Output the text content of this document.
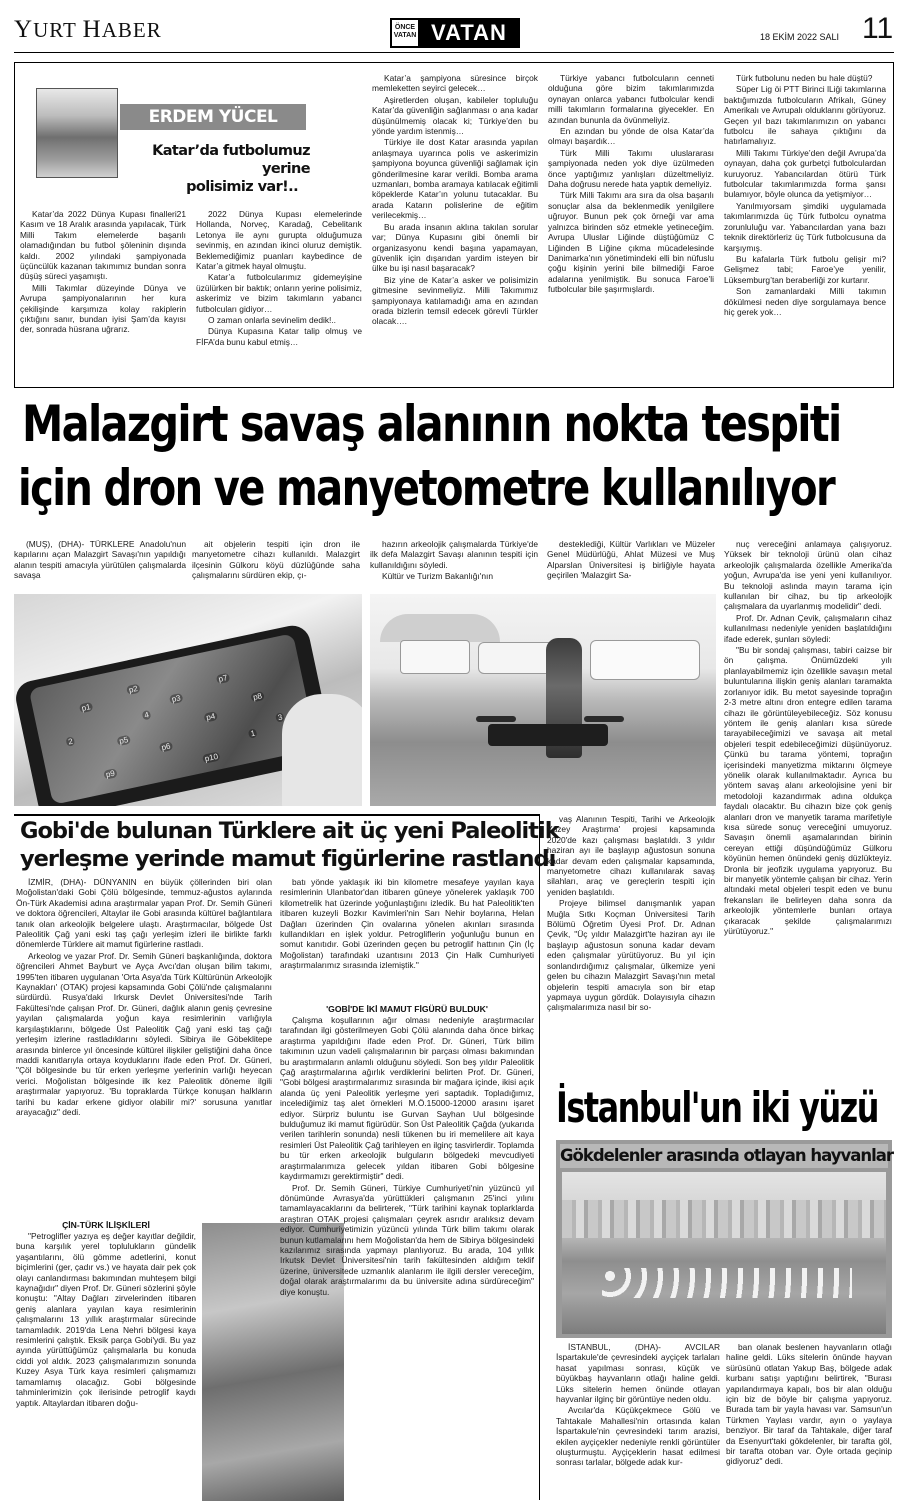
YURT HABER	ÖNCE VATAN VATAN	18 EKİM 2022 SALI 11
ERDEM YÜCEL
Katar’da futbolumuz yerine
polisimiz var!..

Katar’da 2022 Dünya Kupası finalleri21 Kasım ve 18 Aralık arasında yapılacak, Türk Milli Takım elemelerde başarılı olamadığından bu futbol şöleninin dışında kaldı. 2002 yılındaki şampiyonada üçüncülük kazanan takımımız bundan sonra düşüş süreci yaşamıştı.

Milli Takımlar düzeyinde Dünya ve Avrupa şampiyonalarının her kura çekilişinde karşımıza kolay rakiplerin çıktığını sanır, bundan iyisi Şam’da kayısı der, sonrada hüsrana uğrarız.

2022 Dünya Kupası elemelerinde Hollanda, Norveç, Karadağ, Cebelitarık Letonya ile aynı gurupta olduğumuza sevinmiş, en azından ikinci oluruz demiştik. Beklemediğimiz puanları kaybedince de Katar’a gitmek hayal olmuştu.

Katar’a futbolcularımız gidemeyişine üzülürken bir baktık; onların yerine polisimiz, askerimiz ve bizim takımların yabancı futbolcuları gidiyor…

O zaman onlarla sevinelim dedik!..

Dünya Kupasına Katar talip olmuş ve FİFA’da bunu kabul etmiş…

Katar’a şampiyona süresince birçok memleketten seyirci gelecek…

Aşiretlerden oluşan, kabileler topluluğu Katar’da güvenliğin sağlanması o ana kadar düşünülmemiş olacak ki; Türkiye’den bu yönde yardım istenmiş…

Türkiye ile dost Katar arasında yapılan anlaşmaya uyarınca polis ve askerimizin şampiyona boyunca güvenliği sağlamak için gönderilmesine karar verildi. Bomba arama uzmanları, bomba aramaya katılacak eğitimli köpeklerde Katar’ın yolunu tutacaklar. Bu arada Katarın polislerine de eğitim verilecekmiş…

Bu arada insanın aklına takılan sorular var; Dünya Kupasını gibi önemli bir organizasyonu kendi başına yapamayan, güvenlik için dışarıdan yardim isteyen bir ülke bu işi nasıl başaracak?

Biz yine de Katar’a asker ve polisimizin gitmesine sevinmeliyiz. Milli Takımımız şampiyonaya katılamadığı ama en azından orada bizlerin temsil edecek görevli Türkler olacak….

Türkiye yabancı futbolcuların cenneti olduğuna göre bizim takımlarımızda oynayan onlarca yabancı futbolcular kendi milli takımların formalarına giyecekler. En azından bununla da övünmeliyiz.

En azından bu yönde de olsa Katar’da olmayı başardık…

Türk Milli Takımı uluslararası şampiyonada neden yok diye üzülmeden önce yaptığımız yanlışları düzeltmeliyiz. Daha doğrusu nerede hata yaptık demeliyiz.

Türk Milli Takımı ara sıra da olsa başarılı sonuçlar alsa da beklenmedik yenilgilere uğruyor. Bunun pek çok örneği var ama yalnızca birinden söz etmekle yetineceğim. Avrupa Uluslar Liğinde düştüğümüz C Liğinden B Liğine çıkma mücadelesinde Danimarka’nın yönetimindeki elli bin nüfuslu çoğu kişinin yerini bile bilmediği Faroe adalarına yenilmiştik. Bu sonuca Faroe’li futbolcular bile şaşırmışlardı.

Türk futbolunu neden bu hale düştü?

Süper Lig öi PTT Birinci lLiği takımlarına baktığımızda futbolcuların Afrikalı, Güney Amerikalı ve Avrupalı olduklarını görüyoruz. Geçen yıl bazı takımlarımızın on yabancı futbolcu ile sahaya çıktığını da hatırlamalıyız.

Milli Takımı Türkiye’den değil Avrupa’da oynayan, daha çok gurbetçi futbolculardan kuruyoruz. Yabancılardan ötürü Türk futbolcular takımlarımızda forma şansı bulamıyor, böyle olunca da yetişmiyor…

Yanılmıyorsam şimdiki uygulamada takımlarımızda üç Türk futbolcu oynatma zorunluluğu var. Yabancılardan yana bazı teknik direktörleriz üç Türk futbolcusuna da karşıymış.

Bu kafalarla Türk futbolu gelişir mi? Gelişmez tabi; Faroe’ye yenilir, Lüksemburg’tan beraberliği zor kurtarır.

Son zamanlardaki Milli takımın dökülmesi neden diye sorgulamaya bence hiç gerek yok…

Malazgirt savaş alanının nokta tespiti
için dron ve manyetometre kullanılıyor

(MUŞ), (DHA)- TÜRKLERE Anadolu'nun kapılarını açan Malazgirt Savaşı'nın yapıldığı alanın tespiti amacıyla yürütülen çalışmalarda savaşa

ait objelerin tespiti için dron ile manyetometre cihazı kullanıldı. Malazgirt ilçesinin Gülkoru köyü düzlüğünde saha çalışmalarını sürdüren ekip, çı-

hazırın arkeolojik çalışmalarda Türkiye'de ilk defa Malazgirt Savaşı alanının tespiti için kullanıldığını söyledi.

Kültür ve Turizm Bakanlığı'nın

desteklediği, Kültür Varlıkları ve Müzeler Genel Müdürlüğü, Ahlat Müzesi ve Muş Alparslan Üniversitesi iş birliğiyle hayata geçirilen 'Malazgirt Sa-

nuç vereceğini anlamaya çalışıyoruz. Yüksek bir teknoloji ürünü olan cihaz arkeolojik çalışmalarda özellikle Amerika'da yoğun, Avrupa'da ise yeni yeni kullanılıyor. Bu teknoloji aslında mayın tarama için kullanılan bir cihaz, bu tip arkeolojik çalışmalara da uyarlanmış modelidir" dedi.

Prof. Dr. Adnan Çevik, çalışmaların cihaz kullanılması nedeniyle yeniden başlatıldığını ifade ederek, şunları söyledi:

"Bu bir sondaj çalışması, tabiri caizse bir ön çalışma. Önümüzdeki yılı planlayabilmemiz için özellikle savaşın metal buluntularına ilişkin geniş alanları taramakta zorlanıyor idik. Bu metot sayesinde toprağın 2-3 metre altını dron entegre edilen tarama cihazı ile görüntüleyebileceğiz. Söz konusu yöntem ile geniş alanları kısa sürede tarayabileceğimizi ve savaşa ait metal objeleri tespit edebileceğimizi düşünüyoruz. Çünkü bu tarama yöntemi, toprağın içerisindeki manyetizma miktarını ölçmeye yönelik olarak kullanılmaktadır. Ayrıca bu yöntem savaş alanı arkeolojisine yeni bir metodoloji kazandırmak adına oldukça faydalı olacaktır. Bu cihazın bize çok geniş alanları dron ve manyetik tarama marifetiyle kısa sürede sonuç vereceğini umuyoruz. Savaşın önemli aşamalarından birinin cereyan ettiği düşündüğümüz Gülkoru köyünün hemen önündeki geniş düzlükteyiz. Dronla bir jeofizik uygulama yapıyoruz. Bu bir manyetik yöntemle çalışan bir cihaz. Yerin altındaki metal objeleri tespit eden ve bunu frekansları ile belirleyen daha sonra da arkeolojik yöntemlerle bunları ortaya çıkaracak şekilde çalışmalarımızı yürütüyoruz."

p1
p2
p3
p4
p5
p6
p7
p8
p9
p10
1
2
3
4
Gobi'de bulunan Türklere ait üç yeni Paleolitik
yerleşme yerinde mamut figürlerine rastlandı

İZMİR, (DHA)- DÜNYANIN en büyük çöllerinden biri olan Moğolistan'daki Gobi Çölü bölgesinde, temmuz-ağustos aylarında Ön-Türk Akademisi adına araştırmalar yapan Prof. Dr. Semih Güneri ve doktora öğrencileri, Altaylar ile Gobi arasında kültürel bağlantılara tanık olan arkeolojik belgelere ulaştı. Araştırmacılar, bölgede Üst Paleolitik Çağ yani eski taş çağı yerleşim izleri ile birlikte farklı dönemlerde Türklere ait mamut figürlerine rastladı.

Arkeolog ve yazar Prof. Dr. Semih Güneri başkanlığında, doktora öğrencileri Ahmet Bayburt ve Ayça Avcı'dan oluşan bilim takımı, 1995'ten itibaren uygulanan 'Orta Asya'da Türk Kültürünün Arkeolojik Kaynakları' (OTAK) projesi kapsamında Gobi Çölü'nde çalışmalarını sürdürdü. Rusya'daki Irkursk Devlet Üniversitesi'nde Tarih Fakültesi'nde çalışan Prof. Dr. Güneri, dağlık alanın geniş çevresine yayılan çalışmalarda yoğun kaya resimlerinin varlığıyla karşılaştıklarını, bölgede Üst Paleolitik Çağ yani eski taş çağı yerleşim izlerine rastladıklarını söyledi. Sibirya ile Göbeklitepe arasında binlerce yıl öncesinde kültürel ilişkiler geliştiğini daha önce maddi kanıtlarıyla ortaya koyduklarını ifade eden Prof. Dr. Güneri, "Çöl bölgesinde bu tür erken yerleşme yerlerinin varlığı heyecan verici. Moğolistan bölgesinde ilk kez Paleolitik döneme ilgili araştırmalar yapıyoruz. 'Bu topraklarda Türkçe konuşan halkların tarihi bu kadar erkene gidiyor olabilir mi?' sorusuna yanıtlar arayacağız" dedi.

ÇİN-TÜRK İLİŞKİLERİ

"Petroglifler yazıya eş değer kayıtlar değildir, buna karşılık yerel toplulukların gündelik yaşantılarını, ölü gömme adetlerini, konut biçimlerini (ger, çadır vs.) ve hayata dair pek çok olayı canlandırması bakımından muhteşem bilgi kaynağıdır" diyen Prof. Dr. Güneri sözlerini şöyle konuştu: "Altay Dağları zirvelerinden itibaren geniş alanlara yayılan kaya resimlerinin çalışmalarını 13 yıllık araştırmalar sürecinde tamamladık. 2019'da Lena Nehri bölgesi kaya resimlerini çalıştık. Eksik parça Gobi'ydi. Bu yaz ayında yürüttüğümüz çalışmalarla bu konuda ciddi yol aldık. 2023 çalışmalarımızın sonunda Kuzey Asya Türk kaya resimleri çalışmamızı tamamlamış olacağız. Gobi bölgesinde tahminlerimizin çok ilerisinde petroglif kaydı yaptık. Altaylardan itibaren doğu-

batı yönde yaklaşık iki bin kilometre mesafeye yayılan kaya resimlerinin Ulanbator'dan itibaren güneye yönelerek yaklaşık 700 kilometrelik hat üzerinde yoğunlaştığını izledik. Bu hat Paleolitik'ten itibaren kuzeyli Bozkır Kavimleri'nin Sarı Nehir boylarına, Helan Dağları üzerinden Çin ovalarına yönelen akınları sırasında kullandıkları en işlek yoldur. Petrogliflerin yoğunluğu bunun en somut kanıtıdır. Gobi üzerinden geçen bu petroglif hattının Çin (İç Moğolistan) tarafındaki uzantısını 2013 Çin Halk Cumhuriyeti araştırmalarımız sırasında izlemiştik."

'GOBİ'DE İKİ MAMUT FİGÜRÜ BULDUK'

Çalışma koşullarının ağır olması nedeniyle araştırmacılar tarafından ilgi gösterilmeyen Gobi Çölü alanında daha önce birkaç araştırma yapıldığını ifade eden Prof. Dr. Güneri, Türk bilim takımının uzun vadeli çalışmalarının bir parçası olması bakımından bu araştırmaların anlamlı olduğunu söyledi. Son beş yıldır Paleolitik Çağ araştırmalarına ağırlık verdiklerini belirten Prof. Dr. Güneri, "Gobi bölgesi araştırmalarımız sırasında bir mağara içinde, ikisi açık alanda üç yeni Paleolitik yerleşme yeri saptadık. Topladığımız, incelediğimiz taş alet örnekleri M.Ö.15000-12000 arasını işaret ediyor. Sürpriz buluntu ise Gurvan Sayhan Uul bölgesinde bulduğumuz iki mamut figürüdür. Son Üst Paleolitik Çağda (yukarıda verilen tarihlerin sonunda) nesli tükenen bu iri memelilere ait kaya resimleri Üst Paleolitik Çağ tarihleyen en ilginç tasvirlerdir. Toplamda bu tür erken arkeolojik bulguların bölgedeki mevcudiyeti araştırmalarımıza gelecek yıldan itibaren Gobi bölgesine kaydırmamızı gerektirmiştir" dedi.

Prof. Dr. Semih Güneri, Türkiye Cumhuriyeti'nin yüzüncü yıl dönümünde Avrasya'da yürüttükleri çalışmanın 25'inci yılını tamamlayacaklarını da belirterek, "Türk tarihini kaynak toplarklarda araştıran OTAK projesi çalışmaları çeyrek asrıdır aralıksız devam ediyor. Cumhuriyetimizin yüzüncü yılında Türk bilim takımı olarak bunun kutlamalarını hem Moğolistan'da hem de Sibirya bölgesindeki kazılarımız sırasında yapmayı planlıyoruz. Bu arada, 104 yıllık Irkutsk Devlet Üniversitesi'nin tarih fakültesinden aldığım teklif üzerine, üniversitede uzmanlık alanlarım ile ilgili dersler vereceğim, doğal olarak araştırmalarımı da bu üniversite adına sürdüreceğim" diye konuştu.

vaş Alanının Tespiti, Tarihi ve Arkeolojik Yüzey Araştırma' projesi kapsamında 2020'de kazı çalışması başlatıldı. 3 yıldır haziran ayı ile başlayıp ağustosun sonuna kadar devam eden çalışmalar kapsamında, manyetometre cihazı kullanılarak savaş silahları, araç ve gereçlerin tespiti için yeniden başlatıldı.

Projeye bilimsel danışmanlık yapan Muğla Sıtkı Koçman Üniversitesi Tarih Bölümü Öğretim Üyesi Prof. Dr. Adnan Çevik, "Üç yıldır Malazgirt'te haziran ayı ile başlayıp ağustosun sonuna kadar devam eden çalışmalar yürütüyoruz. Bu yıl için sonlandırdığımız çalışmalar, ülkemize yeni gelen bu cihazın Malazgirt Savaşı'nın metal objelerin tespiti amacıyla son bir etap yapmaya uygun gördük. Dolayısıyla cihazın çalışmalarımıza nasıl bir so-

İstanbul'un iki yüzü
Gökdelenler arasında otlayan hayvanlar

İSTANBUL, (DHA)- AVCILAR İspartakule'de çevresindeki ayçiçek tarlaları hasat yapılması sonrası, küçük ve büyükbaş hayvanların otlağı haline geldi. Lüks sitelerin hemen önünde otlayan hayvanlar ilginç bir görüntüye neden oldu.

Avcılar'da Küçükçekmece Gölü ve Tahtakale Mahallesi'nin ortasında kalan İspartakule'nin çevresindeki tarım arazisi, ekilen ayçiçekler nedeniyle renkli görüntüler oluşturmuştu. Ayçiçeklerin hasat edilmesi sonrası tarlalar, bölgede adak kur-

ban olanak beslenen hayvanların otlağı haline geldi. Lüks sitelerin önünde hayvan sürüsünü otlatan Yakup Baş, bölgede adak kurbanı satışı yaptığını belirtirek, "Burası yapılandırmaya kapalı, bos bir alan olduğu için biz de böyle bir çalışma yapıyoruz. Burada tam bir yayla havası var. Samsun'un Türkmen Yaylası vardır, ayın o yaylaya benziyor. Bir taraf da Tahtakale, diğer taraf da Esenyurt'taki gökdelenler, bir tarafta göl, bir tarafta otoban var. Öyle ortada geçinip gidiyoruz" dedi.
